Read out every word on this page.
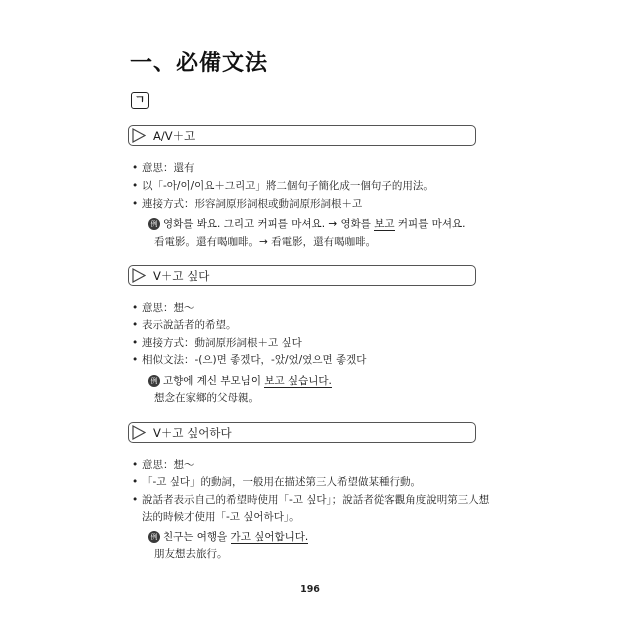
一、必備文法
ㄱ
A/V＋고
• 意思：還有
• 以「-아/이/이요＋그리고」將二個句子簡化成一個句子的用法。
• 連接方式：形容詞原形詞根或動詞原形詞根＋고
例 영화를 봐요. 그리고 커피를 마셔요. → 영화를 보고 커피를 마셔요.
看電影。還有喝咖啡。→ 看電影，還有喝咖啡。
V＋고 싶다
• 意思：想～
• 表示說話者的希望。
• 連接方式：動詞原形詞根＋고 싶다
• 相似文法：-(으)면 좋겠다，-았/었/였으면 좋겠다
例 고향에 계신 부모님이 보고 싶습니다.
想念在家鄉的父母親。
V＋고 싶어하다
• 意思：想～
• 「-고 싶다」的動詞，一般用在描述第三人希望做某種行動。
• 說話者表示自己的希望時使用「-고 싶다」；說話者從客觀角度說明第三人想
法的時候才使用「-고 싶어하다」。
例 친구는 여행을 가고 싶어합니다.
朋友想去旅行。
196
